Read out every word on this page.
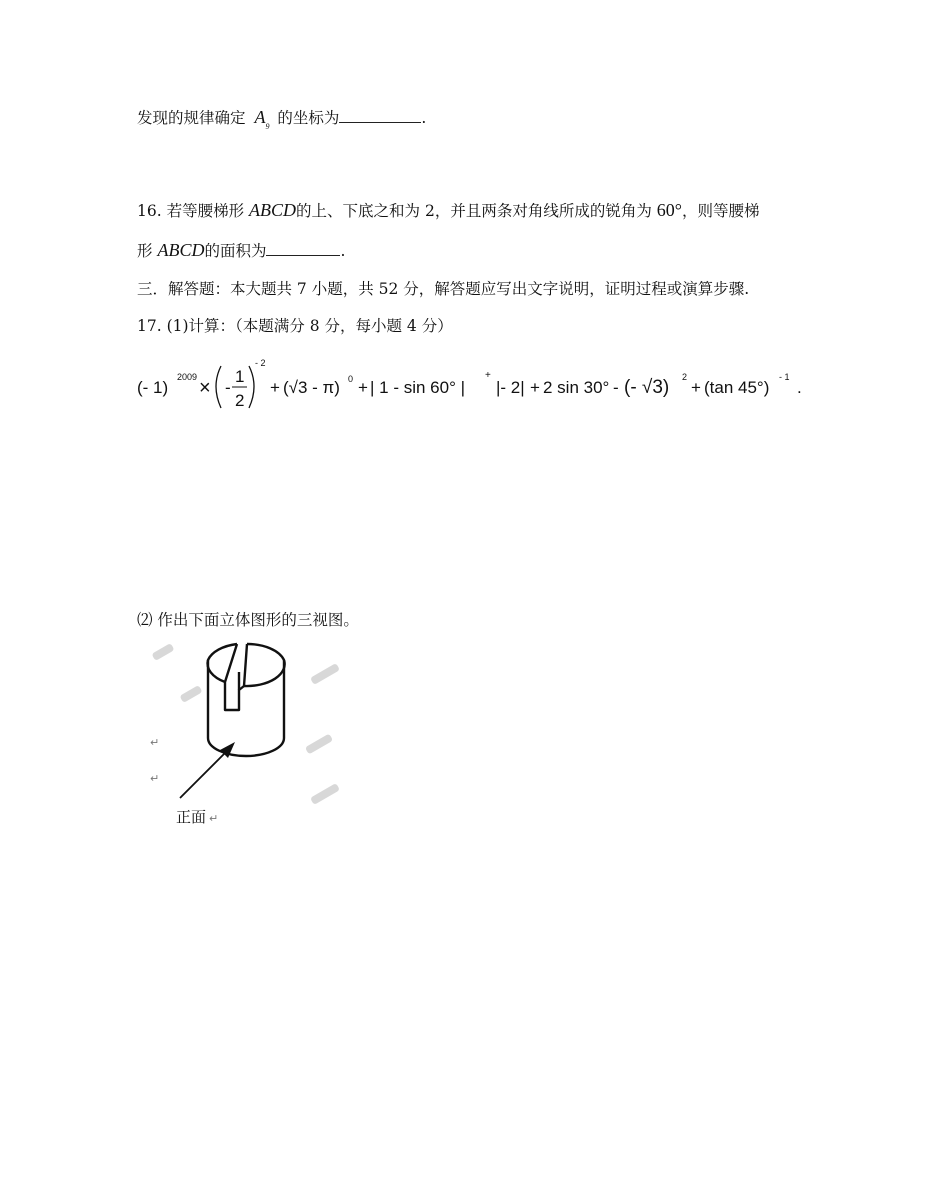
发现的规律确定 $A_9$ 的坐标为	.
16. 若等腰梯形 ABCD的上、下底之和为 2，并且两条对角线所成的锐角为 60°，则等腰梯
形 ABCD的面积为	.
三．解答题：本大题共 7 小题，共 52 分，解答题应写出文字说明，证明过程或演算步骤.
17. (1)计算：（本题满分 8 分，每小题 4 分）
(- 1)
2009 × -
1
2
- 2
+ (√3 - π) 0 + | 1 - sin 60° |
+
|- 2| + 2 sin 30° - (- √3) 2
+ (tan 45°)
- 1
.
⑵ 作出下面立体图形的三视图。
↵
↵
正面 ↵
